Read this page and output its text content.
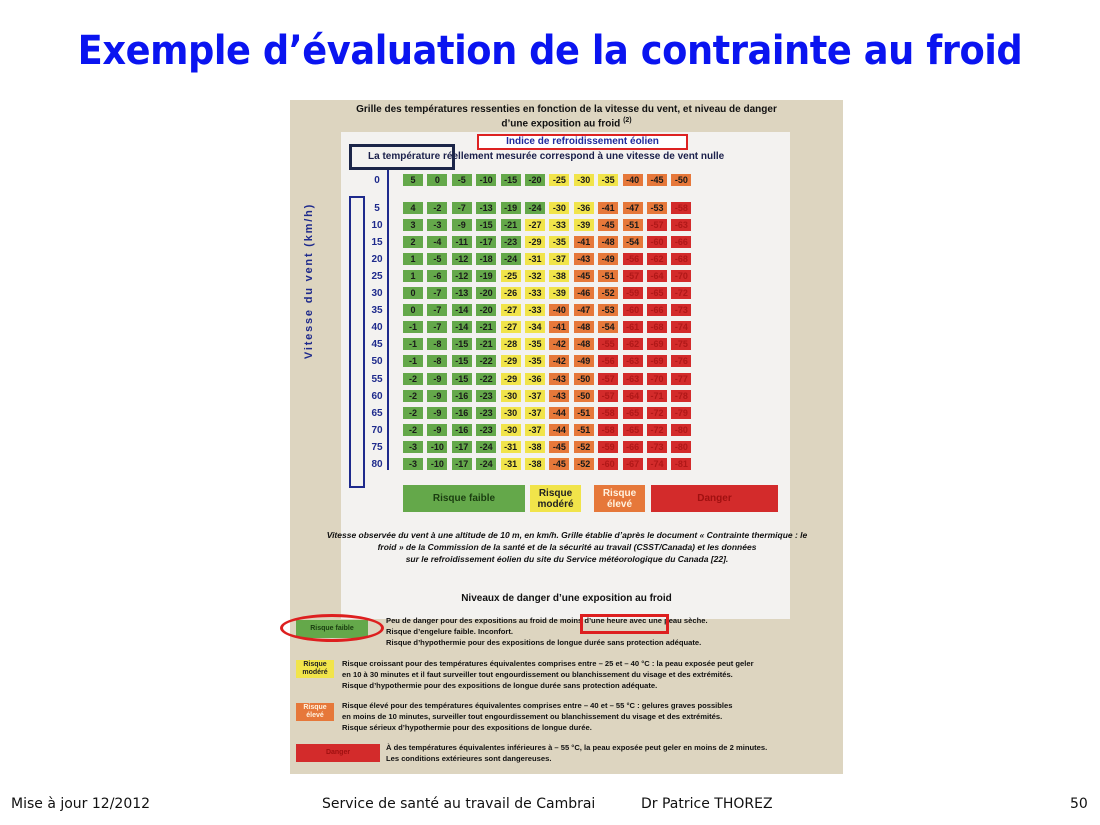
Exemple d’évaluation de la contrainte au froid
Grille des températures ressenties en fonction de la vitesse du vent, et niveau de danger
d’une exposition au froid $^{(2)}$
Indice de refroidissement éolien
La température réellement mesurée correspond à une vitesse de vent nulle
Vitesse du vent (km/h)
0	5	0	-5	-10	-15	-20	-25	-30	-35	-40	-45	-50
5	4	-2	-7	-13	-19	-24	-30	-36	-41	-47	-53	-58
10	3	-3	-9	-15	-21	-27	-33	-39	-45	-51	-57	-63
15	2	-4	-11	-17	-23	-29	-35	-41	-48	-54	-60	-66
20	1	-5	-12	-18	-24	-31	-37	-43	-49	-56	-62	-68
25	1	-6	-12	-19	-25	-32	-38	-45	-51	-57	-64	-70
30	0	-7	-13	-20	-26	-33	-39	-46	-52	-59	-65	-72
35	0	-7	-14	-20	-27	-33	-40	-47	-53	-60	-66	-73
40	-1	-7	-14	-21	-27	-34	-41	-48	-54	-61	-68	-74
45	-1	-8	-15	-21	-28	-35	-42	-48	-55	-62	-69	-75
50	-1	-8	-15	-22	-29	-35	-42	-49	-56	-63	-69	-76
55	-2	-9	-15	-22	-29	-36	-43	-50	-57	-63	-70	-77
60	-2	-9	-16	-23	-30	-37	-43	-50	-57	-64	-71	-78
65	-2	-9	-16	-23	-30	-37	-44	-51	-58	-65	-72	-79
70	-2	-9	-16	-23	-30	-37	-44	-51	-58	-65	-72	-80
75	-3	-10	-17	-24	-31	-38	-45	-52	-59	-66	-73	-80
80	-3	-10	-17	-24	-31	-38	-45	-52	-60	-67	-74	-81
Risque faible	Risque modéré
Risque élevé	Danger
Vitesse observée du vent à une altitude de 10 m, en km/h. Grille établie d’après le document « Contrainte thermique : le
froid » de la Commission de la santé et de la sécurité au travail (CSST/Canada) et les données
sur le refroidissement éolien du site du Service météorologique du Canada [22].
Niveaux de danger d’une exposition au froid
Risque faible
Peu de danger pour des expositions au froid de moins d’une heure avec une peau sèche.
Risque d’engelure faible. Inconfort.
Risque d’hypothermie pour des expositions de longue durée sans protection adéquate.
Risque modéré
Risque croissant pour des températures équivalentes comprises entre – 25 et – 40 °C : la peau exposée peut geler
en 10 à 30 minutes et il faut surveiller tout engourdissement ou blanchissement du visage et des extrémités.
Risque d’hypothermie pour des expositions de longue durée sans protection adéquate.
Risque élevé
Risque élevé pour des températures équivalentes comprises entre – 40 et – 55 °C : gelures graves possibles
en moins de 10 minutes, surveiller tout engourdissement ou blanchissement du visage et des extrémités.
Risque sérieux d’hypothermie pour des expositions de longue durée.
Danger
À des températures équivalentes inférieures à – 55 °C, la peau exposée peut geler en moins de 2 minutes.
Les conditions extérieures sont dangereuses.
Mise à jour 12/2012	Service de santé au travail de Cambrai	Dr Patrice THOREZ	50
